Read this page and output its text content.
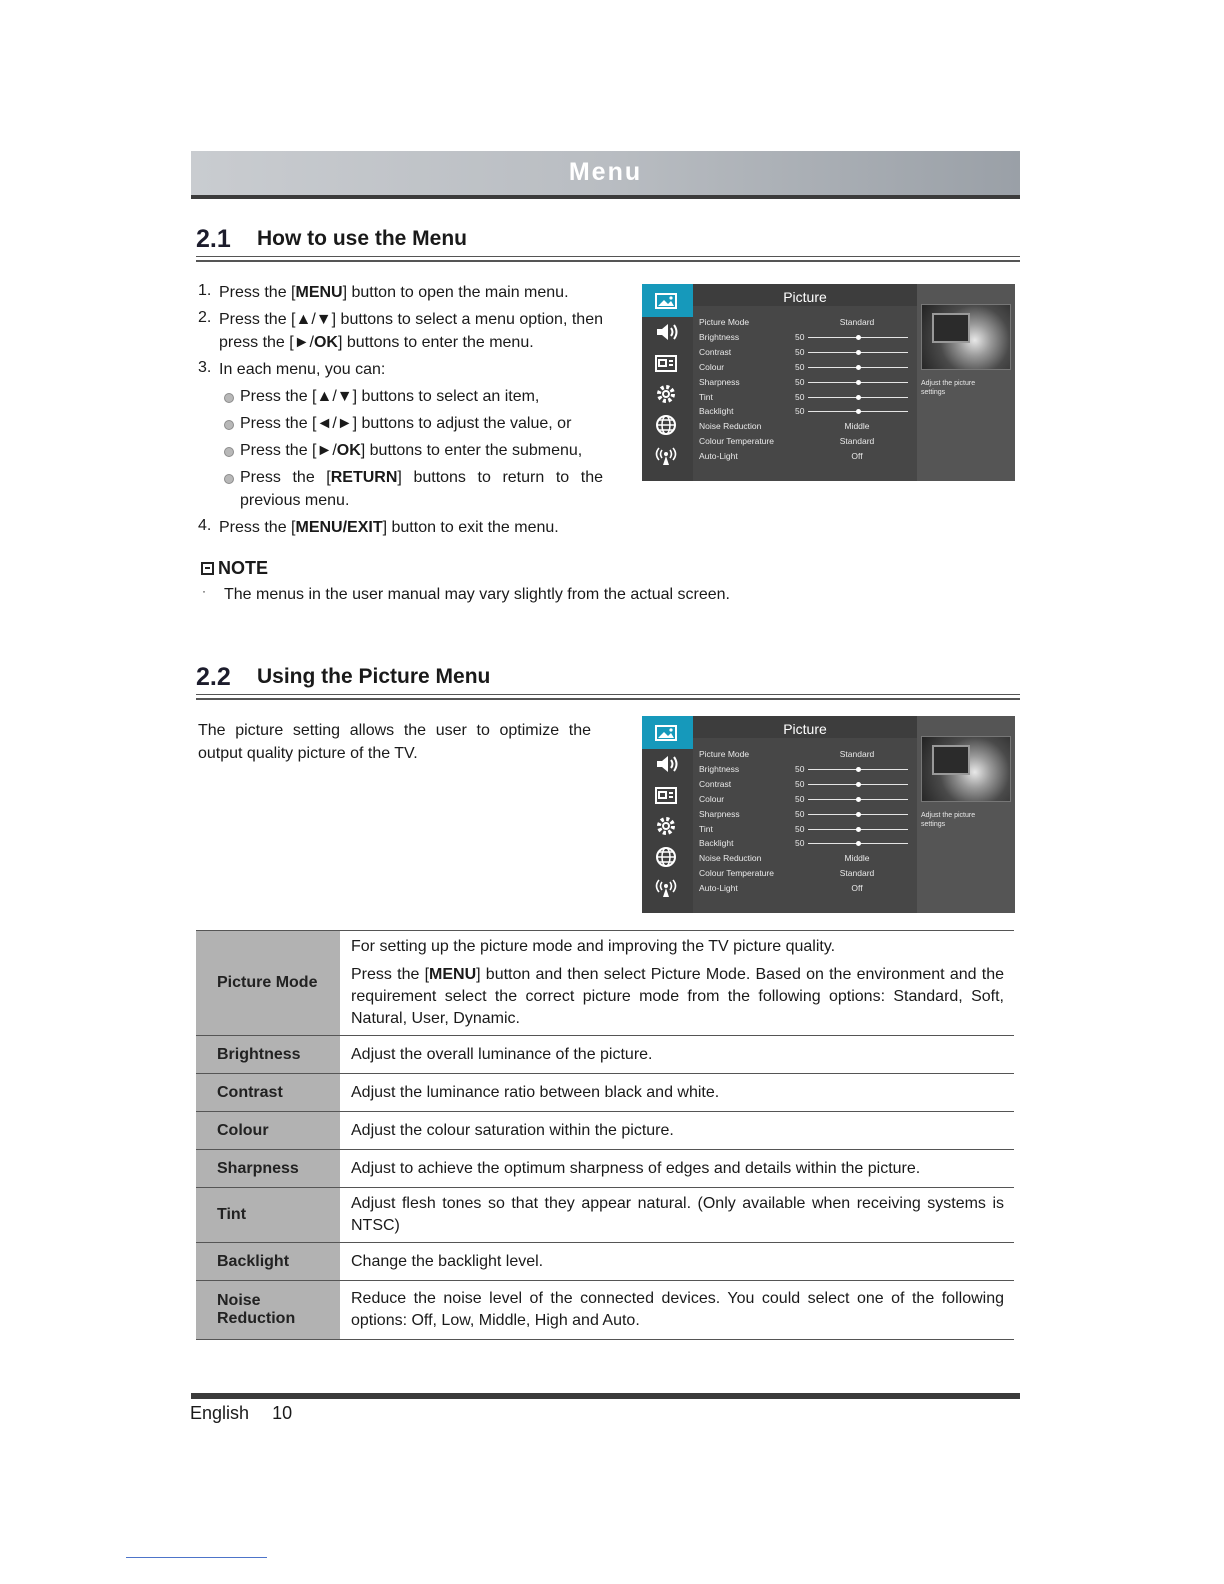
Menu
2.1 How to use the Menu
1. Press the [MENU] button to open the main menu.
2. Press the [▲/▼] buttons to select a menu option, then press the [►/OK] buttons to enter the menu.
3. In each menu, you can:
Press the [▲/▼] buttons to select an item,
Press the [◄/►] buttons to adjust the value, or
Press the [►/OK] buttons to enter the submenu,
Press the [RETURN] buttons to return to the previous menu.
4. Press the [MENU/EXIT] button to exit the menu.
Picture
Picture Mode	Standard
Brightness	50
Contrast	50
Colour	50
Sharpness	50
Tint	50
Backlight	50
Noise Reduction	Middle
Colour Temperature	Standard
Auto-Light	Off
Adjust the picture settings
NOTE
· The menus in the user manual may vary slightly from the actual screen.
2.2 Using the Picture Menu
The picture setting allows the user to optimize the output quality picture of the TV.
Picture
Picture Mode	Standard
Brightness	50
Contrast	50
Colour	50
Sharpness	50
Tint	50
Backlight	50
Noise Reduction	Middle
Colour Temperature	Standard
Auto-Light	Off
Adjust the picture settings
Picture Mode	For setting up the picture mode and improving the TV picture quality.
Press the [MENU] button and then select Picture Mode. Based on the environment and the requirement select the correct picture mode from the following options: Standard, Soft, Natural, User, Dynamic.

Brightness	Adjust the overall luminance of the picture.

Contrast	Adjust the luminance ratio between black and white.

Colour	Adjust the colour saturation within the picture.

Sharpness	Adjust to achieve the optimum sharpness of edges and details within the picture.

Tint	Adjust flesh tones so that they appear natural. (Only available when receiving systems is NTSC)

Backlight	Change the backlight level.

Noise Reduction	Reduce the noise level of the connected devices. You could select one of the following options: Off, Low, Middle, High and Auto.
English 10
